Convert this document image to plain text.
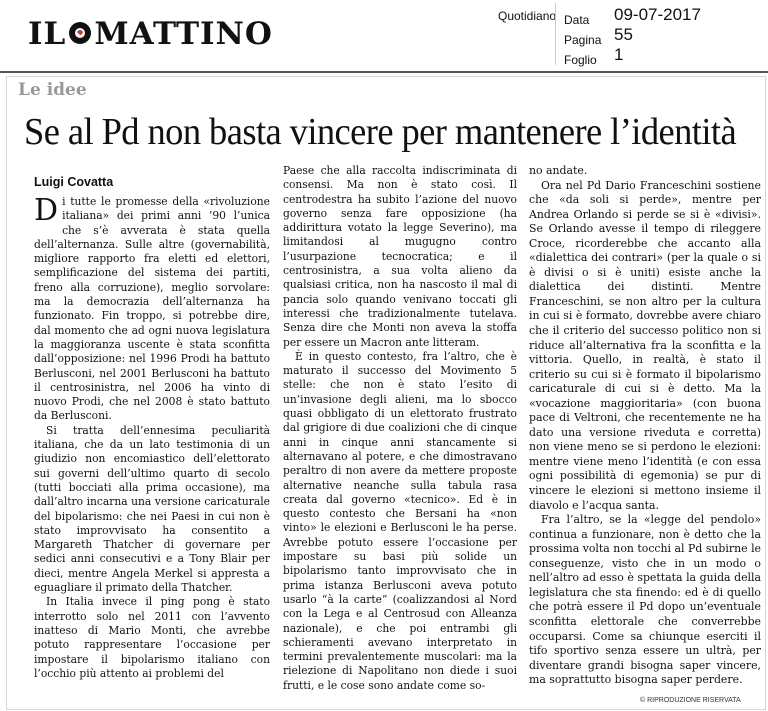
IL MATTINO	Quotidiano Data 09-07-2017
Pagina 55
Foglio 1
Le idee
Se al Pd non basta vincere per mantenere l’identità
Luigi Covatta

Di tutte le promesse della «rivoluzione italiana» dei primi anni ’90 l’unica che s’è avverata è stata quella dell’alternanza. Sulle altre (governabilità, migliore rapporto fra eletti ed elettori, semplificazione del sistema dei partiti, freno alla corruzione), meglio sorvolare: ma la democrazia dell’alternanza ha funzionato. Fin troppo, si potrebbe dire, dal momento che ad ogni nuova legislatura la maggioranza uscente è stata sconfitta dall’opposizione: nel 1996 Prodi ha battuto Berlusconi, nel 2001 Berlusconi ha battuto il centrosinistra, nel 2006 ha vinto di nuovo Prodi, che nel 2008 è stato battuto da Berlusconi.

Si tratta dell’ennesima peculiarità italiana, che da un lato testimonia di un giudizio non encomiastico dell’elettorato sui governi dell’ultimo quarto di secolo (tutti bocciati alla prima occasione), ma dall’altro incarna una versione caricaturale del bipolarismo: che nei Paesi in cui non è stato improvvisato ha consentito a Margareth Thatcher di governare per sedici anni consecutivi e a Tony Blair per dieci, mentre Angela Merkel si appresta a eguagliare il primato della Thatcher.

In Italia invece il ping pong è stato interrotto solo nel 2011 con l’avvento inatteso di Mario Monti, che avrebbe potuto rappresentare l’occasione per impostare il bipolarismo italiano con l’occhio più attento ai problemi del

Paese che alla raccolta indiscriminata di consensi. Ma non è stato così. Il centrodestra ha subito l’azione del nuovo governo senza fare opposizione (ha addirittura votato la legge Severino), ma limitandosi al mugugno contro l’usurpazione tecnocratica; e il centrosinistra, a sua volta alieno da qualsiasi critica, non ha nascosto il mal di pancia solo quando venivano toccati gli interessi che tradizionalmente tutelava. Senza dire che Monti non aveva la stoffa per essere un Macron ante litteram.

È in questo contesto, fra l’altro, che è maturato il successo del Movimento 5 stelle: che non è stato l’esito di un’invasione degli alieni, ma lo sbocco quasi obbligato di un elettorato frustrato dal grigiore di due coalizioni che di cinque anni in cinque anni stancamente si alternavano al potere, e che dimostravano peraltro di non avere da mettere proposte alternative neanche sulla tabula rasa creata dal governo «tecnico». Ed è in questo contesto che Bersani ha «non vinto» le elezioni e Berlusconi le ha perse. Avrebbe potuto essere l’occasione per impostare su basi più solide un bipolarismo tanto improvvisato che in prima istanza Berlusconi aveva potuto usarlo “à la carte” (coalizzandosi al Nord con la Lega e al Centrosud con Alleanza nazionale), e che poi entrambi gli schieramenti avevano interpretato in termini prevalentemente muscolari: ma la rielezione di Napolitano non diede i suoi frutti, e le cose sono andate come so-

no andate.

Ora nel Pd Dario Franceschini sostiene che «da soli si perde», mentre per Andrea Orlando si perde se si è «divisi». Se Orlando avesse il tempo di rileggere Croce, ricorderebbe che accanto alla «dialettica dei contrari» (per la quale o si è divisi o si è uniti) esiste anche la dialettica dei distinti. Mentre Franceschini, se non altro per la cultura in cui si è formato, dovrebbe avere chiaro che il criterio del successo politico non si riduce all’alternativa fra la sconfitta e la vittoria. Quello, in realtà, è stato il criterio su cui si è formato il bipolarismo caricaturale di cui si è detto. Ma la «vocazione maggioritaria» (con buona pace di Veltroni, che recentemente ne ha dato una versione riveduta e corretta) non viene meno se si perdono le elezioni: mentre viene meno l’identità (e con essa ogni possibilità di egemonia) se pur di vincere le elezioni si mettono insieme il diavolo e l’acqua santa.

Fra l’altro, se la «legge del pendolo» continua a funzionare, non è detto che la prossima volta non tocchi al Pd subirne le conseguenze, visto che in un modo o nell’altro ad esso è spettata la guida della legislatura che sta finendo: ed è di quello che potrà essere il Pd dopo un’eventuale sconfitta elettorale che converrebbe occuparsi. Come sa chiunque eserciti il tifo sportivo senza essere un ultrà, per diventare grandi bisogna saper vincere, ma soprattutto bisogna saper perdere.

© RIPRODUZIONE RISERVATA
